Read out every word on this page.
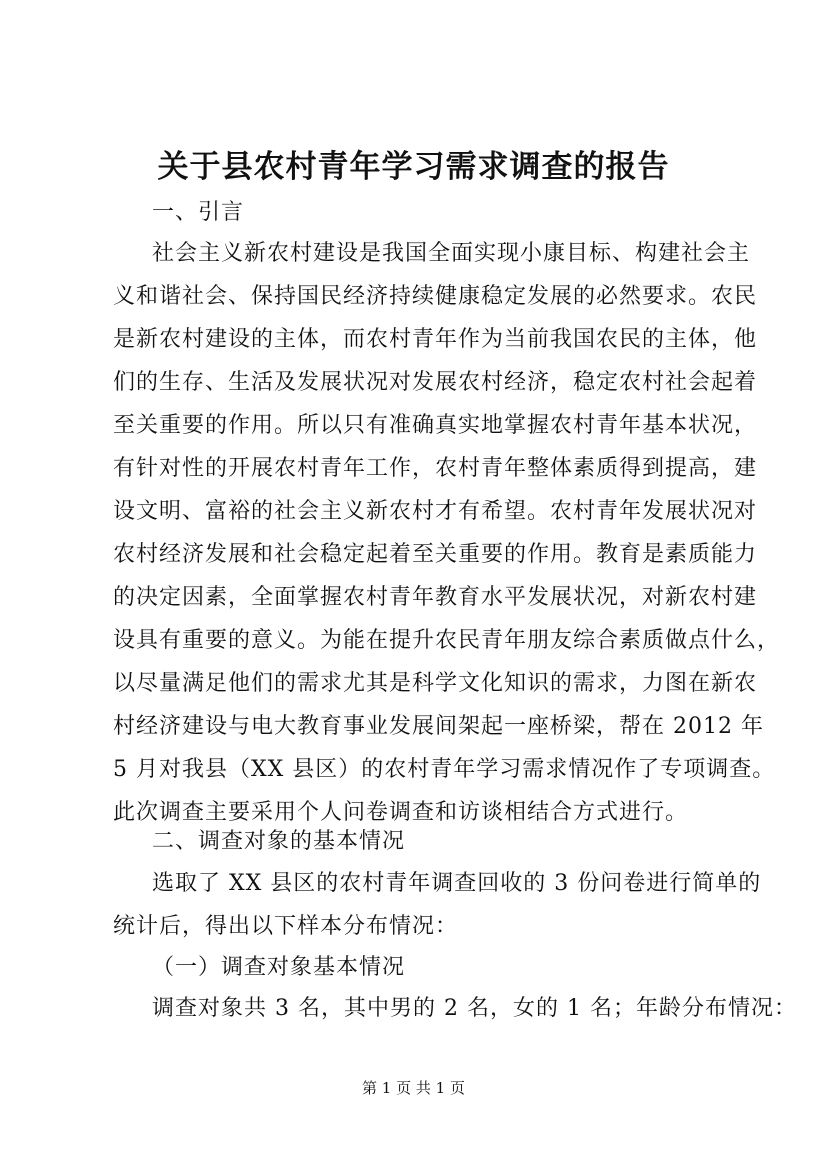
关于县农村青年学习需求调查的报告
一、引言
社会主义新农村建设是我国全面实现小康目标、构建社会主
义和谐社会、保持国民经济持续健康稳定发展的必然要求。农民
是新农村建设的主体，而农村青年作为当前我国农民的主体，他
们的生存、生活及发展状况对发展农村经济，稳定农村社会起着
至关重要的作用。所以只有准确真实地掌握农村青年基本状况，
有针对性的开展农村青年工作，农村青年整体素质得到提高，建
设文明、富裕的社会主义新农村才有希望。农村青年发展状况对
农村经济发展和社会稳定起着至关重要的作用。教育是素质能力
的决定因素，全面掌握农村青年教育水平发展状况，对新农村建
设具有重要的意义。为能在提升农民青年朋友综合素质做点什么，
以尽量满足他们的需求尤其是科学文化知识的需求，力图在新农
村经济建设与电大教育事业发展间架起一座桥梁，帮在 2012 年
5 月对我县（XX 县区）的农村青年学习需求情况作了专项调查。
此次调查主要采用个人问卷调查和访谈相结合方式进行。
二、调查对象的基本情况
选取了 XX 县区的农村青年调查回收的 3 份问卷进行简单的
统计后，得出以下样本分布情况：
（一）调查对象基本情况
调查对象共 3 名，其中男的 2 名，女的 1 名；年龄分布情况：
第 1 页 共 1 页
